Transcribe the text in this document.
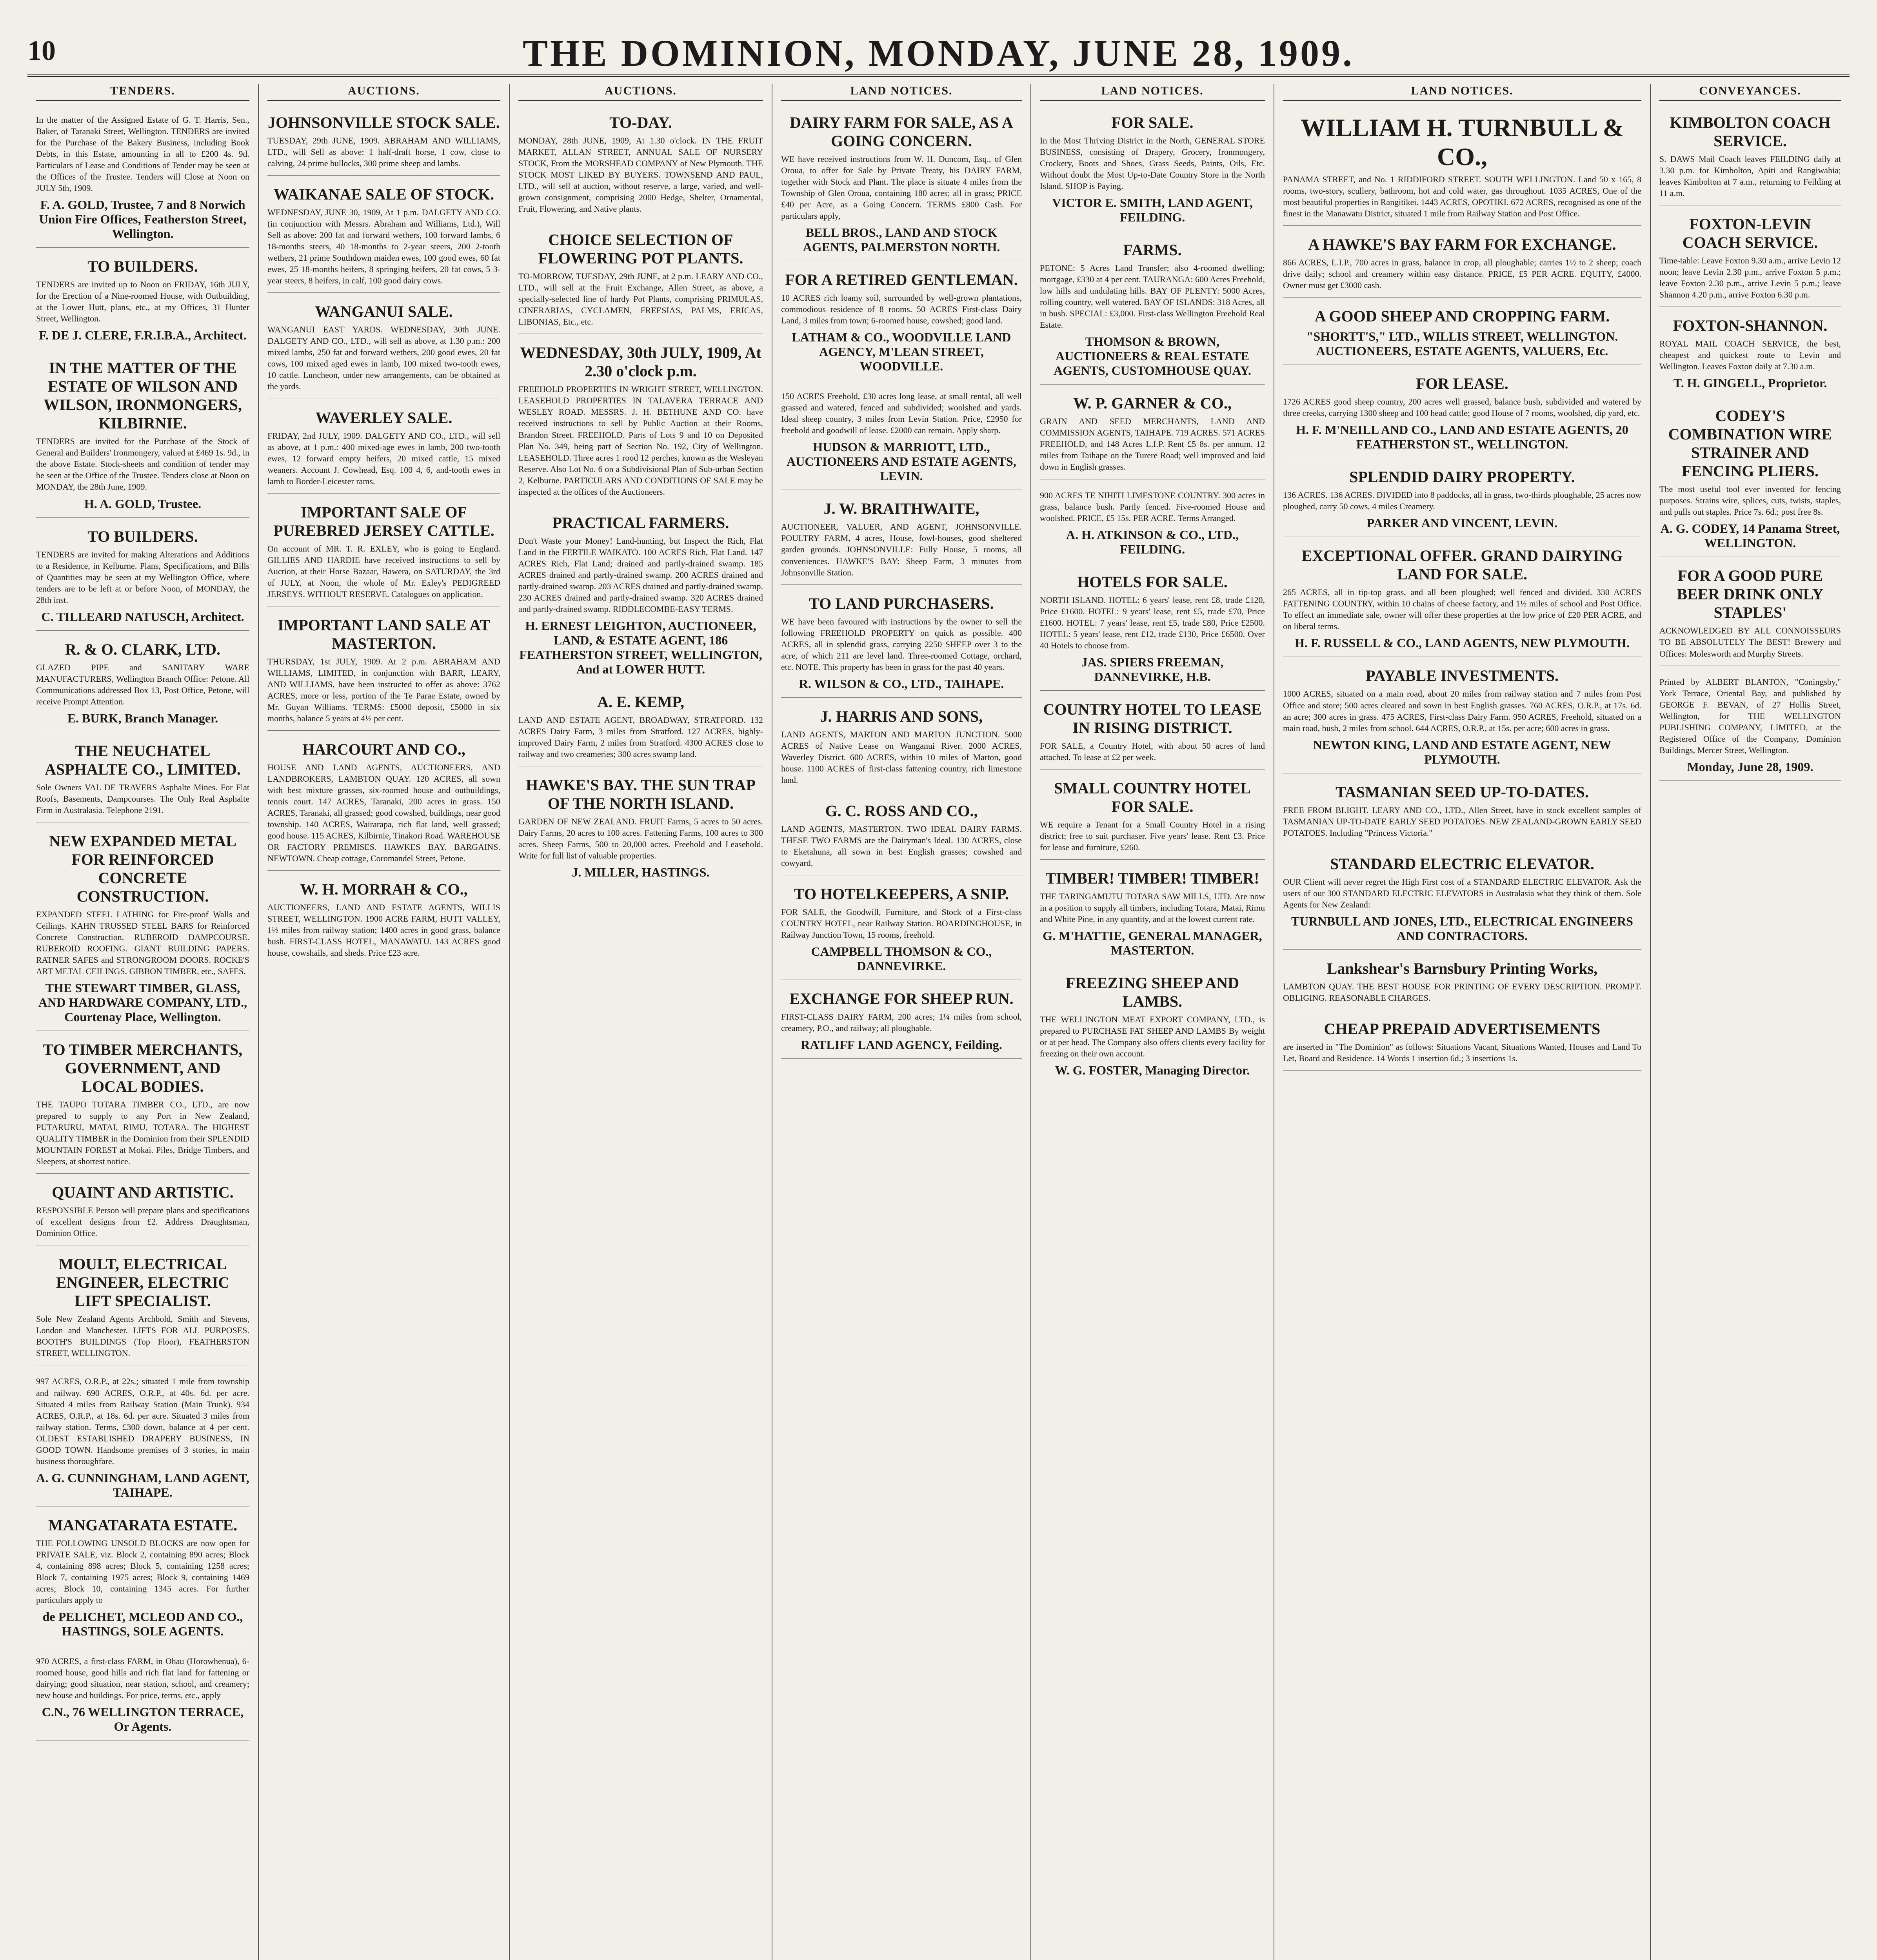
10	THE DOMINION, MONDAY, JUNE 28, 1909.
TENDERS.

In the matter of the Assigned Estate of G. T. Harris, Sen., Baker, of Taranaki Street, Wellington. TENDERS are invited for the Purchase of the Bakery Business, including Book Debts, in this Estate, amounting in all to £200 4s. 9d. Particulars of Lease and Conditions of Tender may be seen at the Offices of the Trustee. Tenders will Close at Noon on JULY 5th, 1909.

F. A. GOLD, Trustee, 7 and 8 Norwich Union Fire Offices, Featherston Street, Wellington.
TO BUILDERS.

TENDERS are invited up to Noon on FRIDAY, 16th JULY, for the Erection of a Nine-roomed House, with Outbuilding, at the Lower Hutt, plans, etc., at my Offices, 31 Hunter Street, Wellington.

F. DE J. CLERE, F.R.I.B.A., Architect.
IN THE MATTER OF THE ESTATE OF WILSON AND WILSON, IRONMONGERS, KILBIRNIE.

TENDERS are invited for the Purchase of the Stock of General and Builders' Ironmongery, valued at £469 1s. 9d., in the above Estate. Stock-sheets and condition of tender may be seen at the Office of the Trustee. Tenders close at Noon on MONDAY, the 28th June, 1909.

H. A. GOLD, Trustee.
TO BUILDERS.

TENDERS are invited for making Alterations and Additions to a Residence, in Kelburne. Plans, Specifications, and Bills of Quantities may be seen at my Wellington Office, where tenders are to be left at or before Noon, of MONDAY, the 28th inst.

C. TILLEARD NATUSCH, Architect.
R. & O. CLARK, LTD.

GLAZED PIPE and SANITARY WARE MANUFACTURERS, Wellington Branch Office: Petone. All Communications addressed Box 13, Post Office, Petone, will receive Prompt Attention.

E. BURK, Branch Manager.
THE NEUCHATEL ASPHALTE CO., LIMITED.

Sole Owners VAL DE TRAVERS Asphalte Mines. For Flat Roofs, Basements, Dampcourses. The Only Real Asphalte Firm in Australasia. Telephone 2191.

NEW EXPANDED METAL FOR REINFORCED CONCRETE CONSTRUCTION.

EXPANDED STEEL LATHING for Fire-proof Walls and Ceilings. KAHN TRUSSED STEEL BARS for Reinforced Concrete Construction. RUBEROID DAMPCOURSE. RUBEROID ROOFING. GIANT BUILDING PAPERS. RATNER SAFES and STRONGROOM DOORS. ROCKE'S ART METAL CEILINGS. GIBBON TIMBER, etc., SAFES.

THE STEWART TIMBER, GLASS, AND HARDWARE COMPANY, LTD., Courtenay Place, Wellington.
TO TIMBER MERCHANTS, GOVERNMENT, AND LOCAL BODIES.

THE TAUPO TOTARA TIMBER CO., LTD., are now prepared to supply to any Port in New Zealand, PUTARURU, MATAI, RIMU, TOTARA. The HIGHEST QUALITY TIMBER in the Dominion from their SPLENDID MOUNTAIN FOREST at Mokai. Piles, Bridge Timbers, and Sleepers, at shortest notice.

QUAINT AND ARTISTIC.

RESPONSIBLE Person will prepare plans and specifications of excellent designs from £2. Address Draughtsman, Dominion Office.

MOULT, ELECTRICAL ENGINEER, ELECTRIC LIFT SPECIALIST.

Sole New Zealand Agents Archbold, Smith and Stevens, London and Manchester. LIFTS FOR ALL PURPOSES. BOOTH'S BUILDINGS (Top Floor), FEATHERSTON STREET, WELLINGTON.

997 ACRES, O.R.P., at 22s.; situated 1 mile from township and railway. 690 ACRES, O.R.P., at 40s. 6d. per acre. Situated 4 miles from Railway Station (Main Trunk). 934 ACRES, O.R.P., at 18s. 6d. per acre. Situated 3 miles from railway station. Terms, £300 down, balance at 4 per cent. OLDEST ESTABLISHED DRAPERY BUSINESS, IN GOOD TOWN. Handsome premises of 3 stories, in main business thoroughfare.

A. G. CUNNINGHAM, LAND AGENT, TAIHAPE.
MANGATARATA ESTATE.

THE FOLLOWING UNSOLD BLOCKS are now open for PRIVATE SALE, viz. Block 2, containing 890 acres; Block 4, containing 898 acres; Block 5, containing 1258 acres; Block 7, containing 1975 acres; Block 9, containing 1469 acres; Block 10, containing 1345 acres. For further particulars apply to

de PELICHET, MCLEOD AND CO., HASTINGS, SOLE AGENTS.

970 ACRES, a first-class FARM, in Ohau (Horowhenua), 6-roomed house, good hills and rich flat land for fattening or dairying; good situation, near station, school, and creamery; new house and buildings. For price, terms, etc., apply

C.N., 76 WELLINGTON TERRACE, Or Agents.
AUCTIONS.
JOHNSONVILLE STOCK SALE.

TUESDAY, 29th JUNE, 1909. ABRAHAM AND WILLIAMS, LTD., will Sell as above: 1 half-draft horse, 1 cow, close to calving, 24 prime bullocks, 300 prime sheep and lambs.

WAIKANAE SALE OF STOCK.

WEDNESDAY, JUNE 30, 1909, At 1 p.m. DALGETY AND CO. (in conjunction with Messrs. Abraham and Williams, Ltd.), Will Sell as above: 200 fat and forward wethers, 100 forward lambs, 6 18-months steers, 40 18-months to 2-year steers, 200 2-tooth wethers, 21 prime Southdown maiden ewes, 100 good ewes, 60 fat ewes, 25 18-months heifers, 8 springing heifers, 20 fat cows, 5 3-year steers, 8 heifers, in calf, 100 good dairy cows.

WANGANUI SALE.

WANGANUI EAST YARDS. WEDNESDAY, 30th JUNE. DALGETY AND CO., LTD., will sell as above, at 1.30 p.m.: 200 mixed lambs, 250 fat and forward wethers, 200 good ewes, 20 fat cows, 100 mixed aged ewes in lamb, 100 mixed two-tooth ewes, 10 cattle. Luncheon, under new arrangements, can be obtained at the yards.

WAVERLEY SALE.

FRIDAY, 2nd JULY, 1909. DALGETY AND CO., LTD., will sell as above, at 1 p.m.: 400 mixed-age ewes in lamb, 200 two-tooth ewes, 12 forward empty heifers, 20 mixed cattle, 15 mixed weaners. Account J. Cowhead, Esq. 100 4, 6, and-tooth ewes in lamb to Border-Leicester rams.

IMPORTANT SALE OF PUREBRED JERSEY CATTLE.

On account of MR. T. R. EXLEY, who is going to England. GILLIES AND HARDIE have received instructions to sell by Auction, at their Horse Bazaar, Hawera, on SATURDAY, the 3rd of JULY, at Noon, the whole of Mr. Exley's PEDIGREED JERSEYS. WITHOUT RESERVE. Catalogues on application.

IMPORTANT LAND SALE AT MASTERTON.

THURSDAY, 1st JULY, 1909. At 2 p.m. ABRAHAM AND WILLIAMS, LIMITED, in conjunction with BARR, LEARY, AND WILLIAMS, have been instructed to offer as above: 3762 ACRES, more or less, portion of the Te Parae Estate, owned by Mr. Guyan Williams. TERMS: £5000 deposit, £5000 in six months, balance 5 years at 4½ per cent.

HARCOURT AND CO.,

HOUSE AND LAND AGENTS, AUCTIONEERS, AND LANDBROKERS, LAMBTON QUAY. 120 ACRES, all sown with best mixture grasses, six-roomed house and outbuildings, tennis court. 147 ACRES, Taranaki, 200 acres in grass. 150 ACRES, Taranaki, all grassed; good cowshed, buildings, near good township. 140 ACRES, Wairarapa, rich flat land, well grassed; good house. 115 ACRES, Kilbirnie, Tinakori Road. WAREHOUSE OR FACTORY PREMISES. HAWKES BAY. BARGAINS. NEWTOWN. Cheap cottage, Coromandel Street, Petone.

W. H. MORRAH & CO.,

AUCTIONEERS, LAND AND ESTATE AGENTS, WILLIS STREET, WELLINGTON. 1900 ACRE FARM, HUTT VALLEY, 1½ miles from railway station; 1400 acres in good grass, balance bush. FIRST-CLASS HOTEL, MANAWATU. 143 ACRES good house, cowshails, and sheds. Price £23 acre.

AUCTIONS.
TO-DAY.

MONDAY, 28th JUNE, 1909, At 1.30 o'clock. IN THE FRUIT MARKET, ALLAN STREET, ANNUAL SALE OF NURSERY STOCK, From the MORSHEAD COMPANY of New Plymouth. THE STOCK MOST LIKED BY BUYERS. TOWNSEND AND PAUL, LTD., will sell at auction, without reserve, a large, varied, and well-grown consignment, comprising 2000 Hedge, Shelter, Ornamental, Fruit, Flowering, and Native plants.

CHOICE SELECTION OF FLOWERING POT PLANTS.

TO-MORROW, TUESDAY, 29th JUNE, at 2 p.m. LEARY AND CO., LTD., will sell at the Fruit Exchange, Allen Street, as above, a specially-selected line of hardy Pot Plants, comprising PRIMULAS, CINERARIAS, CYCLAMEN, FREESIAS, PALMS, ERICAS, LIBONIAS, Etc., etc.

WEDNESDAY, 30th JULY, 1909, At 2.30 o'clock p.m.

FREEHOLD PROPERTIES IN WRIGHT STREET, WELLINGTON. LEASEHOLD PROPERTIES IN TALAVERA TERRACE AND WESLEY ROAD. MESSRS. J. H. BETHUNE AND CO. have received instructions to sell by Public Auction at their Rooms, Brandon Street. FREEHOLD. Parts of Lots 9 and 10 on Deposited Plan No. 349, being part of Section No. 192, City of Wellington. LEASEHOLD. Three acres 1 rood 12 perches, known as the Wesleyan Reserve. Also Lot No. 6 on a Subdivisional Plan of Sub-urban Section 2, Kelburne. PARTICULARS AND CONDITIONS OF SALE may be inspected at the offices of the Auctioneers.

PRACTICAL FARMERS.

Don't Waste your Money! Land-hunting, but Inspect the Rich, Flat Land in the FERTILE WAIKATO. 100 ACRES Rich, Flat Land. 147 ACRES Rich, Flat Land; drained and partly-drained swamp. 185 ACRES drained and partly-drained swamp. 200 ACRES drained and partly-drained swamp. 203 ACRES drained and partly-drained swamp. 230 ACRES drained and partly-drained swamp. 320 ACRES drained and partly-drained swamp. RIDDLECOMBE-EASY TERMS.

H. ERNEST LEIGHTON, AUCTIONEER, LAND, & ESTATE AGENT, 186 FEATHERSTON STREET, WELLINGTON, And at LOWER HUTT.
A. E. KEMP,

LAND AND ESTATE AGENT, BROADWAY, STRATFORD. 132 ACRES Dairy Farm, 3 miles from Stratford. 127 ACRES, highly-improved Dairy Farm, 2 miles from Stratford. 4300 ACRES close to railway and two creameries; 300 acres swamp land.

HAWKE'S BAY. THE SUN TRAP OF THE NORTH ISLAND.

GARDEN OF NEW ZEALAND. FRUIT Farms, 5 acres to 50 acres. Dairy Farms, 20 acres to 100 acres. Fattening Farms, 100 acres to 300 acres. Sheep Farms, 500 to 20,000 acres. Freehold and Leasehold. Write for full list of valuable properties.

J. MILLER, HASTINGS.
LAND NOTICES.
DAIRY FARM FOR SALE, AS A GOING CONCERN.

WE have received instructions from W. H. Duncom, Esq., of Glen Oroua, to offer for Sale by Private Treaty, his DAIRY FARM, together with Stock and Plant. The place is situate 4 miles from the Township of Glen Oroua, containing 180 acres; all in grass; PRICE £40 per Acre, as a Going Concern. TERMS £800 Cash. For particulars apply,

BELL BROS., LAND AND STOCK AGENTS, PALMERSTON NORTH.
FOR A RETIRED GENTLEMAN.

10 ACRES rich loamy soil, surrounded by well-grown plantations, commodious residence of 8 rooms. 50 ACRES First-class Dairy Land, 3 miles from town; 6-roomed house, cowshed; good land.

LATHAM & CO., WOODVILLE LAND AGENCY, M'LEAN STREET, WOODVILLE.

150 ACRES Freehold, £30 acres long lease, at small rental, all well grassed and watered, fenced and subdivided; woolshed and yards. Ideal sheep country, 3 miles from Levin Station. Price, £2950 for freehold and goodwill of lease. £2000 can remain. Apply sharp.

HUDSON & MARRIOTT, LTD., AUCTIONEERS AND ESTATE AGENTS, LEVIN.
J. W. BRAITHWAITE,

AUCTIONEER, VALUER, AND AGENT, JOHNSONVILLE. POULTRY FARM, 4 acres, House, fowl-houses, good sheltered garden grounds. JOHNSONVILLE: Fully House, 5 rooms, all conveniences. HAWKE'S BAY: Sheep Farm, 3 minutes from Johnsonville Station.

TO LAND PURCHASERS.

WE have been favoured with instructions by the owner to sell the following FREEHOLD PROPERTY on quick as possible. 400 ACRES, all in splendid grass, carrying 2250 SHEEP over 3 to the acre, of which 211 are level land. Three-roomed Cottage, orchard, etc. NOTE. This property has been in grass for the past 40 years.

R. WILSON & CO., LTD., TAIHAPE.
J. HARRIS AND SONS,

LAND AGENTS, MARTON AND MARTON JUNCTION. 5000 ACRES of Native Lease on Wanganui River. 2000 ACRES, Waverley District. 600 ACRES, within 10 miles of Marton, good house. 1100 ACRES of first-class fattening country, rich limestone land.

G. C. ROSS AND CO.,

LAND AGENTS, MASTERTON. TWO IDEAL DAIRY FARMS. THESE TWO FARMS are the Dairyman's Ideal. 130 ACRES, close to Eketahuna, all sown in best English grasses; cowshed and cowyard.

TO HOTELKEEPERS, A SNIP.

FOR SALE, the Goodwill, Furniture, and Stock of a First-class COUNTRY HOTEL, near Railway Station. BOARDINGHOUSE, in Railway Junction Town, 15 rooms, freehold.

CAMPBELL THOMSON & CO., DANNEVIRKE.
EXCHANGE FOR SHEEP RUN.

FIRST-CLASS DAIRY FARM, 200 acres; 1¼ miles from school, creamery, P.O., and railway; all ploughable.

RATLIFF LAND AGENCY, Feilding.
LAND NOTICES.
FOR SALE.

In the Most Thriving District in the North, GENERAL STORE BUSINESS, consisting of Drapery, Grocery, Ironmongery, Crockery, Boots and Shoes, Grass Seeds, Paints, Oils, Etc. Without doubt the Most Up-to-Date Country Store in the North Island. SHOP is Paying.

VICTOR E. SMITH, LAND AGENT, FEILDING.
FARMS.

PETONE: 5 Acres Land Transfer; also 4-roomed dwelling; mortgage, £330 at 4 per cent. TAURANGA: 600 Acres Freehold, low hills and undulating hills. BAY OF PLENTY: 5000 Acres, rolling country, well watered. BAY OF ISLANDS: 318 Acres, all in bush. SPECIAL: £3,000. First-class Wellington Freehold Real Estate.

THOMSON & BROWN, AUCTIONEERS & REAL ESTATE AGENTS, CUSTOMHOUSE QUAY.
W. P. GARNER & CO.,

GRAIN AND SEED MERCHANTS, LAND AND COMMISSION AGENTS, TAIHAPE. 719 ACRES. 571 ACRES FREEHOLD, and 148 Acres L.I.P. Rent £5 8s. per annum. 12 miles from Taihape on the Turere Road; well improved and laid down in English grasses.

900 ACRES TE NIHITI LIMESTONE COUNTRY. 300 acres in grass, balance bush. Partly fenced. Five-roomed House and woolshed. PRICE, £5 15s. PER ACRE. Terms Arranged.

A. H. ATKINSON & CO., LTD., FEILDING.
HOTELS FOR SALE.

NORTH ISLAND. HOTEL: 6 years' lease, rent £8, trade £120, Price £1600. HOTEL: 9 years' lease, rent £5, trade £70, Price £1600. HOTEL: 7 years' lease, rent £5, trade £80, Price £2500. HOTEL: 5 years' lease, rent £12, trade £130, Price £6500. Over 40 Hotels to choose from.

JAS. SPIERS FREEMAN, DANNEVIRKE, H.B.
COUNTRY HOTEL TO LEASE IN RISING DISTRICT.

FOR SALE, a Country Hotel, with about 50 acres of land attached. To lease at £2 per week.

SMALL COUNTRY HOTEL FOR SALE.

WE require a Tenant for a Small Country Hotel in a rising district; free to suit purchaser. Five years' lease. Rent £3. Price for lease and furniture, £260.

TIMBER! TIMBER! TIMBER!

THE TARINGAMUTU TOTARA SAW MILLS, LTD. Are now in a position to supply all timbers, including Totara, Matai, Rimu and White Pine, in any quantity, and at the lowest current rate.

G. M'HATTIE, GENERAL MANAGER, MASTERTON.
FREEZING SHEEP AND LAMBS.

THE WELLINGTON MEAT EXPORT COMPANY, LTD., is prepared to PURCHASE FAT SHEEP AND LAMBS By weight or at per head. The Company also offers clients every facility for freezing on their own account.

W. G. FOSTER, Managing Director.
LAND NOTICES.
WILLIAM H. TURNBULL & CO.,

PANAMA STREET, and No. 1 RIDDIFORD STREET. SOUTH WELLINGTON. Land 50 x 165, 8 rooms, two-story, scullery, bathroom, hot and cold water, gas throughout. 1035 ACRES, One of the most beautiful properties in Rangitikei. 1443 ACRES, OPOTIKI. 672 ACRES, recognised as one of the finest in the Manawatu District, situated 1 mile from Railway Station and Post Office.

A HAWKE'S BAY FARM FOR EXCHANGE.

866 ACRES, L.I.P., 700 acres in grass, balance in crop, all ploughable; carries 1½ to 2 sheep; coach drive daily; school and creamery within easy distance. PRICE, £5 PER ACRE. EQUITY, £4000. Owner must get £3000 cash.

A GOOD SHEEP AND CROPPING FARM.
"SHORTT'S," LTD., WILLIS STREET, WELLINGTON. AUCTIONEERS, ESTATE AGENTS, VALUERS, Etc.
FOR LEASE.

1726 ACRES good sheep country, 200 acres well grassed, balance bush, subdivided and watered by three creeks, carrying 1300 sheep and 100 head cattle; good House of 7 rooms, woolshed, dip yard, etc.

H. F. M'NEILL AND CO., LAND AND ESTATE AGENTS, 20 FEATHERSTON ST., WELLINGTON.
SPLENDID DAIRY PROPERTY.

136 ACRES. 136 ACRES. DIVIDED into 8 paddocks, all in grass, two-thirds ploughable, 25 acres now ploughed, carry 50 cows, 4 miles Creamery.

PARKER AND VINCENT, LEVIN.
EXCEPTIONAL OFFER. GRAND DAIRYING LAND FOR SALE.

265 ACRES, all in tip-top grass, and all been ploughed; well fenced and divided. 330 ACRES FATTENING COUNTRY, within 10 chains of cheese factory, and 1½ miles of school and Post Office. To effect an immediate sale, owner will offer these properties at the low price of £20 PER ACRE, and on liberal terms.

H. F. RUSSELL & CO., LAND AGENTS, NEW PLYMOUTH.
PAYABLE INVESTMENTS.

1000 ACRES, situated on a main road, about 20 miles from railway station and 7 miles from Post Office and store; 500 acres cleared and sown in best English grasses. 760 ACRES, O.R.P., at 17s. 6d. an acre; 300 acres in grass. 475 ACRES, First-class Dairy Farm. 950 ACRES, Freehold, situated on a main road, bush, 2 miles from school. 644 ACRES, O.R.P., at 15s. per acre; 600 acres in grass.

NEWTON KING, LAND AND ESTATE AGENT, NEW PLYMOUTH.
TASMANIAN SEED UP-TO-DATES.

FREE FROM BLIGHT. LEARY AND CO., LTD., Allen Street, have in stock excellent samples of TASMANIAN UP-TO-DATE EARLY SEED POTATOES. NEW ZEALAND-GROWN EARLY SEED POTATOES. Including "Princess Victoria."

STANDARD ELECTRIC ELEVATOR.

OUR Client will never regret the High First cost of a STANDARD ELECTRIC ELEVATOR. Ask the users of our 300 STANDARD ELECTRIC ELEVATORS in Australasia what they think of them. Sole Agents for New Zealand:

TURNBULL AND JONES, LTD., ELECTRICAL ENGINEERS AND CONTRACTORS.
Lankshear's Barnsbury Printing Works,

LAMBTON QUAY. THE BEST HOUSE FOR PRINTING OF EVERY DESCRIPTION. PROMPT. OBLIGING. REASONABLE CHARGES.

CHEAP PREPAID ADVERTISEMENTS

are inserted in "The Dominion" as follows: Situations Vacant, Situations Wanted, Houses and Land To Let, Board and Residence. 14 Words 1 insertion 6d.; 3 insertions 1s.

CONVEYANCES.
KIMBOLTON COACH SERVICE.

S. DAWS Mail Coach leaves FEILDING daily at 3.30 p.m. for Kimbolton, Apiti and Rangiwahia; leaves Kimbolton at 7 a.m., returning to Feilding at 11 a.m.

FOXTON-LEVIN COACH SERVICE.

Time-table: Leave Foxton 9.30 a.m., arrive Levin 12 noon; leave Levin 2.30 p.m., arrive Foxton 5 p.m.; leave Foxton 2.30 p.m., arrive Levin 5 p.m.; leave Shannon 4.20 p.m., arrive Foxton 6.30 p.m.

FOXTON-SHANNON.

ROYAL MAIL COACH SERVICE, the best, cheapest and quickest route to Levin and Wellington. Leaves Foxton daily at 7.30 a.m.

T. H. GINGELL, Proprietor.
CODEY'S COMBINATION WIRE STRAINER AND FENCING PLIERS.

The most useful tool ever invented for fencing purposes. Strains wire, splices, cuts, twists, staples, and pulls out staples. Price 7s. 6d.; post free 8s.

A. G. CODEY, 14 Panama Street, WELLINGTON.
FOR A GOOD PURE BEER DRINK ONLY STAPLES'

ACKNOWLEDGED BY ALL CONNOISSEURS TO BE ABSOLUTELY The BEST! Brewery and Offices: Molesworth and Murphy Streets.

Printed by ALBERT BLANTON, "Coningsby," York Terrace, Oriental Bay, and published by GEORGE F. BEVAN, of 27 Hollis Street, Wellington, for THE WELLINGTON PUBLISHING COMPANY, LIMITED, at the Registered Office of the Company, Dominion Buildings, Mercer Street, Wellington.

Monday, June 28, 1909.
